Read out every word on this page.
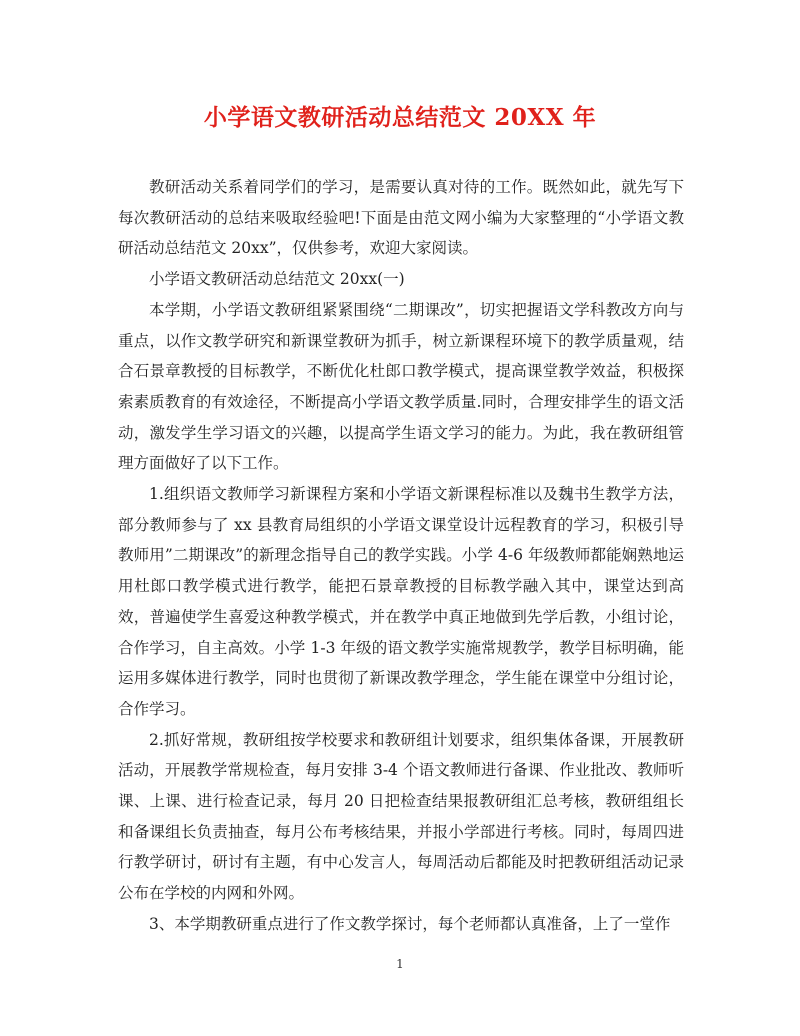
小学语文教研活动总结范文 20XX 年

教研活动关系着同学们的学习，是需要认真对待的工作。既然如此，就先写下每次教研活动的总结来吸取经验吧!下面是由范文网小编为大家整理的“小学语文教研活动总结范文 20xx”，仅供参考，欢迎大家阅读。

小学语文教研活动总结范文 20xx(一)

本学期，小学语文教研组紧紧围绕“二期课改”，切实把握语文学科教改方向与重点，以作文教学研究和新课堂教研为抓手，树立新课程环境下的教学质量观，结合石景章教授的目标教学，不断优化杜郎口教学模式，提高课堂教学效益，积极探索素质教育的有效途径，不断提高小学语文教学质量.同时，合理安排学生的语文活动，激发学生学习语文的兴趣，以提高学生语文学习的能力。为此，我在教研组管理方面做好了以下工作。

1.组织语文教师学习新课程方案和小学语文新课程标准以及魏书生教学方法，部分教师参与了 xx 县教育局组织的小学语文课堂设计远程教育的学习，积极引导教师用”二期课改”的新理念指导自己的教学实践。小学 4-6 年级教师都能娴熟地运用杜郎口教学模式进行教学，能把石景章教授的目标教学融入其中，课堂达到高效，普遍使学生喜爱这种教学模式，并在教学中真正地做到先学后教，小组讨论，合作学习，自主高效。小学 1-3 年级的语文教学实施常规教学，教学目标明确，能运用多媒体进行教学，同时也贯彻了新课改教学理念，学生能在课堂中分组讨论，合作学习。

2.抓好常规，教研组按学校要求和教研组计划要求，组织集体备课，开展教研活动，开展教学常规检查，每月安排 3-4 个语文教师进行备课、作业批改、教师听课、上课、进行检查记录，每月 20 日把检查结果报教研组汇总考核，教研组组长和备课组长负责抽查，每月公布考核结果，并报小学部进行考核。同时，每周四进行教学研讨，研讨有主题，有中心发言人，每周活动后都能及时把教研组活动记录公布在学校的内网和外网。

3、本学期教研重点进行了作文教学探讨，每个老师都认真准备，上了一堂作

1
